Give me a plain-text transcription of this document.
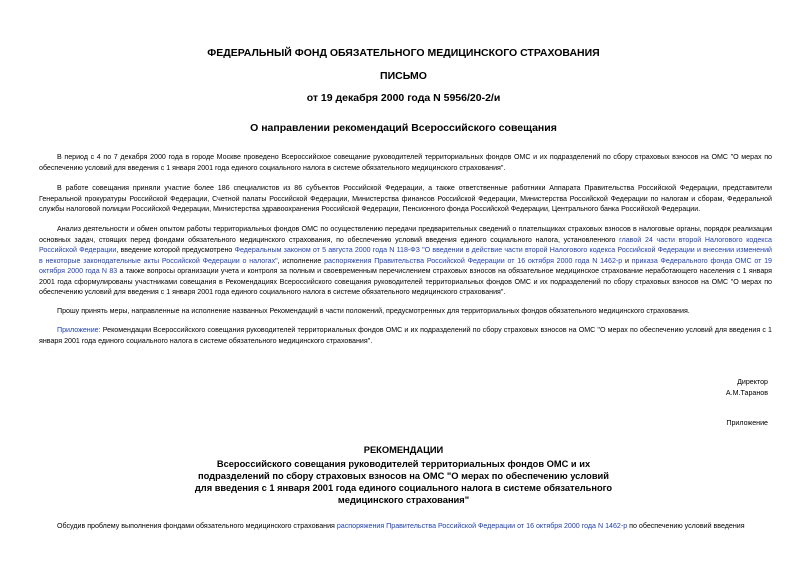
ФЕДЕРАЛЬНЫЙ ФОНД ОБЯЗАТЕЛЬНОГО МЕДИЦИНСКОГО СТРАХОВАНИЯ
ПИСЬМО
от 19 декабря 2000 года N 5956/20-2/и
О направлении рекомендаций Всероссийского совещания

В период с 4 по 7 декабря 2000 года в городе Москве проведено Всероссийское совещание руководителей территориальных фондов ОМС и их подразделений по сбору страховых взносов на ОМС "О мерах по обеспечению условий для введения с 1 января 2001 года единого социального налога в системе обязательного медицинского страхования".

В работе совещания приняли участие более 186 специалистов из 86 субъектов Российской Федерации, а также ответственные работники Аппарата Правительства Российской Федерации, представители Генеральной прокуратуры Российской Федерации, Счетной палаты Российской Федерации, Министерства финансов Российской Федерации, Министерства Российской Федерации по налогам и сборам, Федеральной службы налоговой полиции Российской Федерации, Министерства здравоохранения Российской Федерации, Пенсионного фонда Российской Федерации, Центрального банка Российской Федерации.

Анализ деятельности и обмен опытом работы территориальных фондов ОМС по осуществлению передачи предварительных сведений о плательщиках страховых взносов в налоговые органы, порядок реализации основных задач, стоящих перед фондами обязательного медицинского страхования, по обеспечению условий введения единого социального налога, установленного главой 24 части второй Налогового кодекса Российской Федерации, введение которой предусмотрено Федеральным законом от 5 августа 2000 года N 118-ФЗ "О введении в действие части второй Налогового кодекса Российской Федерации и внесении изменений в некоторые законодательные акты Российской Федерации о налогах", исполнение распоряжения Правительства Российской Федерации от 16 октября 2000 года N 1462-р и приказа Федерального фонда ОМС от 19 октября 2000 года N 83 а также вопросы организации учета и контроля за полным и своевременным перечислением страховых взносов на обязательное медицинское страхование неработающего населения с 1 января 2001 года сформулированы участниками совещания в Рекомендациях Всероссийского совещания руководителей территориальных фондов ОМС и их подразделений по сбору страховых взносов на ОМС "О мерах по обеспечению условий для введения с 1 января 2001 года единого социального налога в системе обязательного медицинского страхования".

Прошу принять меры, направленные на исполнение названных Рекомендаций в части положений, предусмотренных для территориальных фондов обязательного медицинского страхования.

Приложение: Рекомендации Всероссийского совещания руководителей территориальных фондов ОМС и их подразделений по сбору страховых взносов на ОМС "О мерах по обеспечению условий для введения с 1 января 2001 года единого социального налога в системе обязательного медицинского страхования".

Директор
А.М.Таранов
Приложение
РЕКОМЕНДАЦИИ

Всероссийского совещания руководителей территориальных фондов ОМС и их подразделений по сбору страховых взносов на ОМС "О мерах по обеспечению условий для введения с 1 января 2001 года единого социального налога в системе обязательного медицинского страхования"

Обсудив проблему выполнения фондами обязательного медицинского страхования распоряжения Правительства Российской Федерации от 16 октября 2000 года N 1462-р по обеспечению условий введения
